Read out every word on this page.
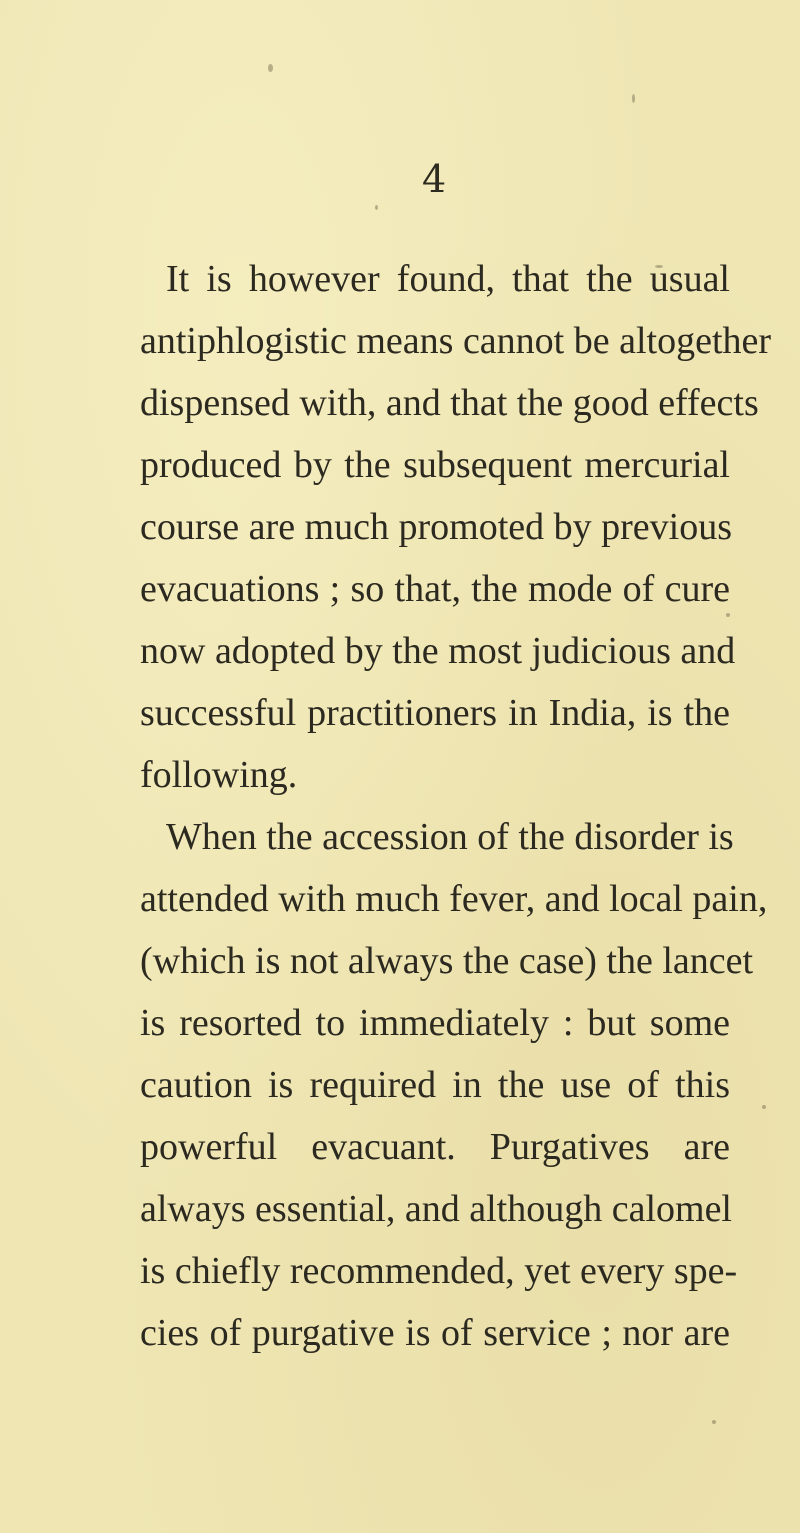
4
It is however found, that the usual
antiphlogistic means cannot be altogether
dispensed with, and that the good effects
produced by the subsequent mercurial
course are much promoted by previous
evacuations ; so that, the mode of cure
now adopted by the most judicious and
successful practitioners in India, is the
following.
When the accession of the disorder is
attended with much fever, and local pain,
(which is not always the case) the lancet
is resorted to immediately : but some
caution is required in the use of this
powerful evacuant. Purgatives are
always essential, and although calomel
is chiefly recommended, yet every spe-
cies of purgative is of service ; nor are
